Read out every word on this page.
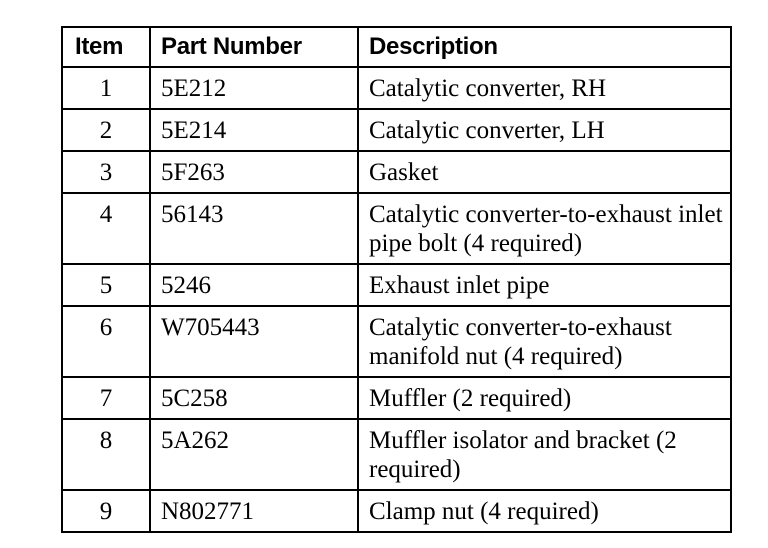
Item	Part Number	Description
1	5E212	Catalytic converter, RH
2	5E214	Catalytic converter, LH
3	5F263	Gasket
4	56143	Catalytic converter-to-exhaust inlet pipe bolt (4 required)
5	5246	Exhaust inlet pipe
6	W705443	Catalytic converter-to-exhaust manifold nut (4 required)
7	5C258	Muffler (2 required)
8	5A262	Muffler isolator and bracket (2 required)
9	N802771	Clamp nut (4 required)
